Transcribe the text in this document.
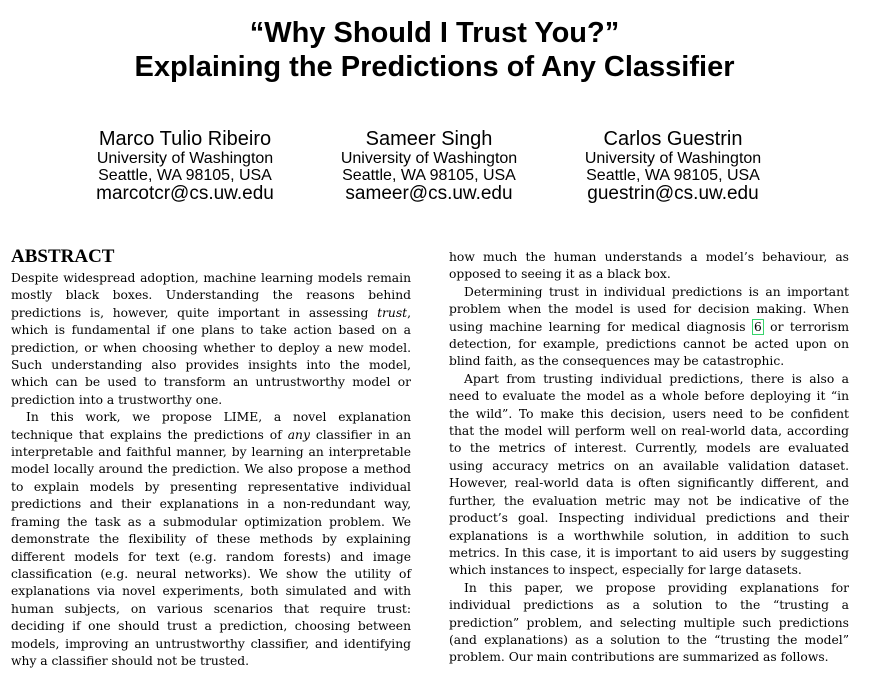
“Why Should I Trust You?”
Explaining the Predictions of Any Classifier
Marco Tulio Ribeiro
University of Washington
Seattle, WA 98105, USA
marcotcr@cs.uw.edu
Sameer Singh
University of Washington
Seattle, WA 98105, USA
sameer@cs.uw.edu
Carlos Guestrin
University of Washington
Seattle, WA 98105, USA
guestrin@cs.uw.edu
ABSTRACT

Despite widespread adoption, machine learning models remain mostly black boxes. Understanding the reasons behind predictions is, however, quite important in assessing trust, which is fundamental if one plans to take action based on a prediction, or when choosing whether to deploy a new model. Such understanding also provides insights into the model, which can be used to transform an untrustworthy model or prediction into a trustworthy one.

In this work, we propose LIME, a novel explanation technique that explains the predictions of any classifier in an interpretable and faithful manner, by learning an interpretable model locally around the prediction. We also propose a method to explain models by presenting representative individual predictions and their explanations in a non-redundant way, framing the task as a submodular optimization problem. We demonstrate the flexibility of these methods by explaining different models for text (e.g. random forests) and image classification (e.g. neural networks). We show the utility of explanations via novel experiments, both simulated and with human subjects, on various scenarios that require trust: deciding if one should trust a prediction, choosing between models, improving an untrustworthy classifier, and identifying why a classifier should not be trusted.

how much the human understands a model’s behaviour, as opposed to seeing it as a black box.

Determining trust in individual predictions is an important problem when the model is used for decision making. When using machine learning for medical diagnosis 6 or terrorism detection, for example, predictions cannot be acted upon on blind faith, as the consequences may be catastrophic.

Apart from trusting individual predictions, there is also a need to evaluate the model as a whole before deploying it “in the wild”. To make this decision, users need to be confident that the model will perform well on real-world data, according to the metrics of interest. Currently, models are evaluated using accuracy metrics on an available validation dataset. However, real-world data is often significantly different, and further, the evaluation metric may not be indicative of the product’s goal. Inspecting individual predictions and their explanations is a worthwhile solution, in addition to such metrics. In this case, it is important to aid users by suggesting which instances to inspect, especially for large datasets.

In this paper, we propose providing explanations for individual predictions as a solution to the “trusting a prediction” problem, and selecting multiple such predictions (and explanations) as a solution to the “trusting the model” problem. Our main contributions are summarized as follows.
